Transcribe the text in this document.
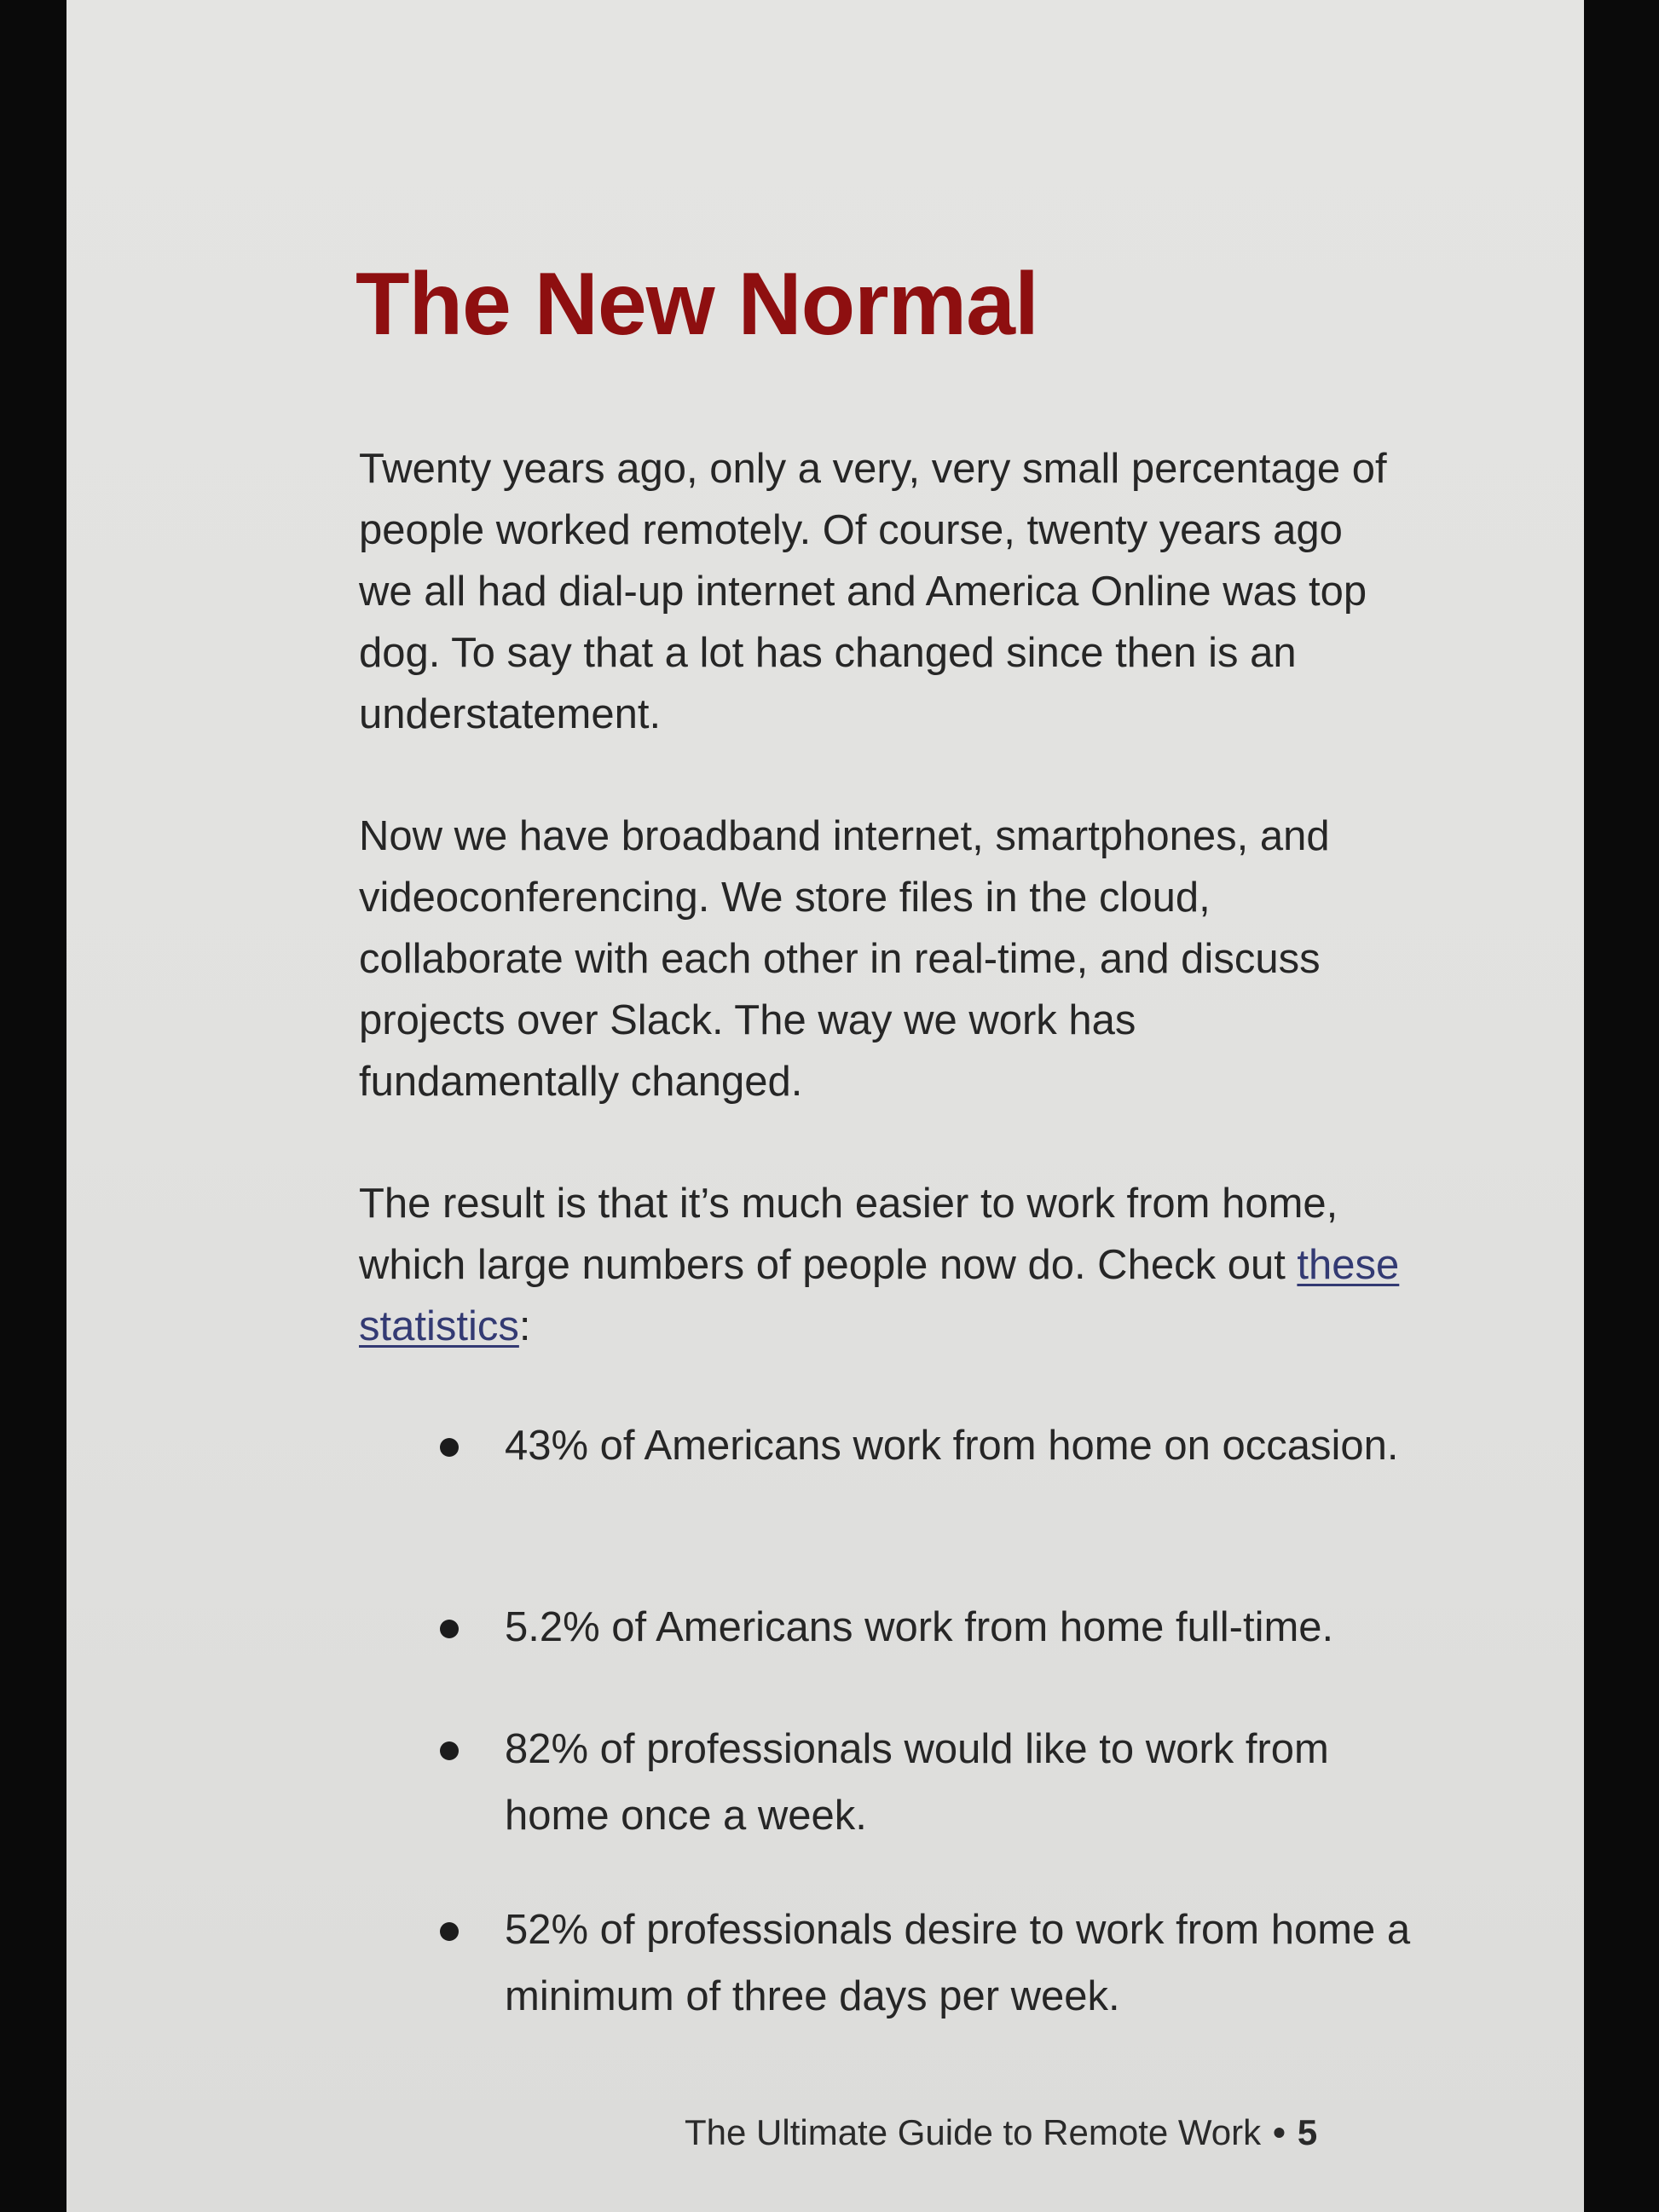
The New Normal

Twenty years ago, only a very, very small percentage of people worked remotely. Of course, twenty years ago we all had dial-up internet and America Online was top dog. To say that a lot has changed since then is an understatement.

Now we have broadband internet, smartphones, and videoconferencing. We store files in the cloud, collaborate with each other in real-time, and discuss projects over Slack. The way we work has fundamentally changed.

The result is that it’s much easier to work from home, which large numbers of people now do. Check out these statistics:

43% of Americans work from home on occasion.
5.2% of Americans work from home full-time.
82% of professionals would like to work from home once a week.
52% of professionals desire to work from home a minimum of three days per week.
The Ultimate Guide to Remote Work • 5
